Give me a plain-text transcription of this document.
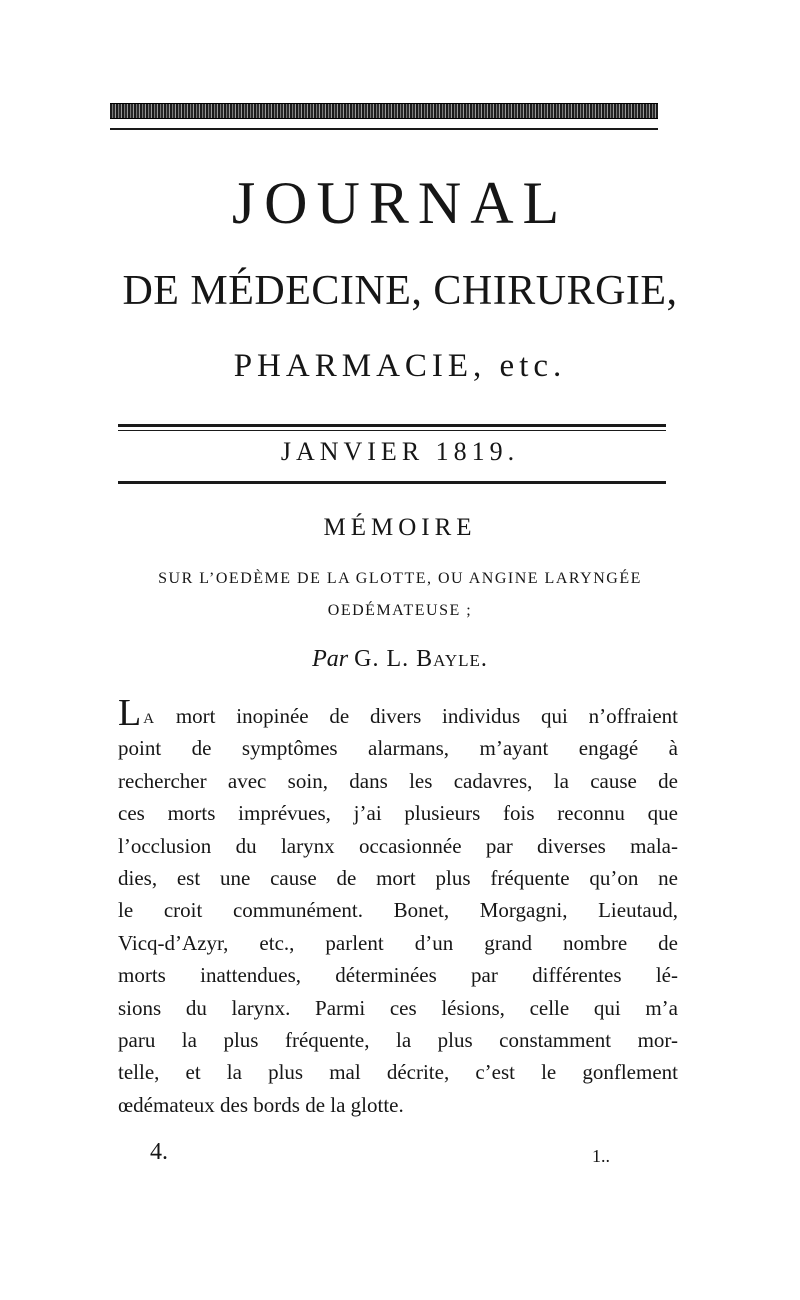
JOURNAL
DE MÉDECINE, CHIRURGIE,
PHARMACIE, etc.
JANVIER 1819.
MÉMOIRE
SUR L’OEDÈME DE LA GLOTTE, OU ANGINE LARYNGÉE
OEDÉMATEUSE ;
Par G. L. Bayle.
La mort inopinée de divers individus qui n’offraient
point de symptômes alarmans, m’ayant engagé à
rechercher avec soin, dans les cadavres, la cause de
ces morts imprévues, j’ai plusieurs fois reconnu que
l’occlusion du larynx occasionnée par diverses mala-
dies, est une cause de mort plus fréquente qu’on ne
le croit communément. Bonet, Morgagni, Lieutaud,
Vicq-d’Azyr, etc., parlent d’un grand nombre de
morts inattendues, déterminées par différentes lé-
sions du larynx. Parmi ces lésions, celle qui m’a
paru la plus fréquente, la plus constamment mor-
telle, et la plus mal décrite, c’est le gonflement
œdémateux des bords de la glotte.
4.	1..
